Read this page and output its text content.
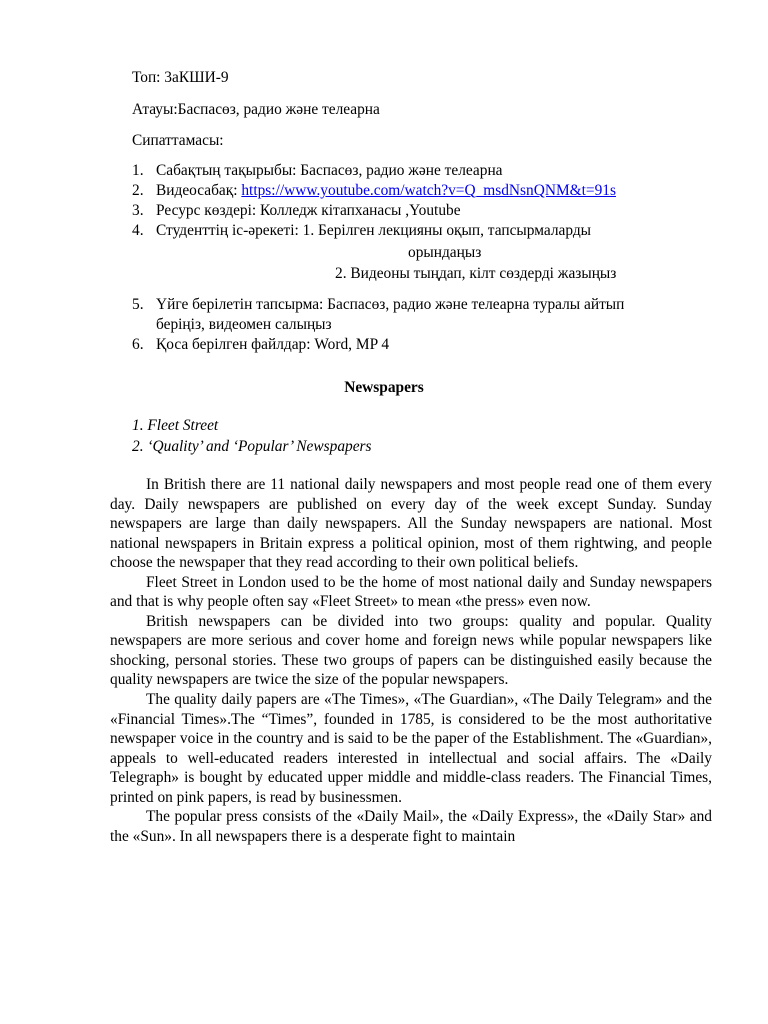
Топ: 3аКШИ-9
Атауы:Баспасөз, радио және телеарна
Сипаттамасы:
1. Сабақтың тақырыбы: Баспасөз, радио және телеарна
2. Видеосабақ: https://www.youtube.com/watch?v=Q_msdNsnQNM&t=91s
3. Ресурс көздері: Колледж кітапханасы ,Youtube
4. Студенттің іс-әрекеті: 1. Берілген лекцияны оқып, тапсырмаларды
орындаңыз
2. Видеоны тыңдап, кілт сөздерді жазыңыз
5. Үйге берілетін тапсырма: Баспасөз, радио және телеарна туралы айтып
беріңіз, видеомен салыңыз
6. Қоса берілген файлдар: Word, MP 4
Newspapers
1. Fleet Street
2. ‘Quality’ and ‘Popular’ Newspapers

In British there are 11 national daily newspapers and most people read one of them every day. Daily newspapers are published on every day of the week except Sunday. Sunday newspapers are large than daily newspapers. All the Sunday newspapers are national. Most national newspapers in Britain express a political opinion, most of them rightwing, and people choose the newspaper that they read according to their own political beliefs.

Fleet Street in London used to be the home of most national daily and Sunday newspapers and that is why people often say «Fleet Street» to mean «the press» even now.

British newspapers can be divided into two groups: quality and popular. Quality newspapers are more serious and cover home and foreign news while popular newspapers like shocking, personal stories. These two groups of papers can be distinguished easily because the quality newspapers are twice the size of the popular newspapers.

The quality daily papers are «The Times», «The Guardian», «The Daily Telegram» and the «Financial Times».The “Times”, founded in 1785, is considered to be the most authoritative newspaper voice in the country and is said to be the paper of the Establishment. The «Guardian», appeals to well-educated readers interested in intellectual and social affairs. The «Daily Telegraph» is bought by educated upper middle and middle-class readers. The Financial Times, printed on pink papers, is read by businessmen.

The popular press consists of the «Daily Mail», the «Daily Express», the «Daily Star» and the «Sun». In all newspapers there is a desperate fight to maintain
